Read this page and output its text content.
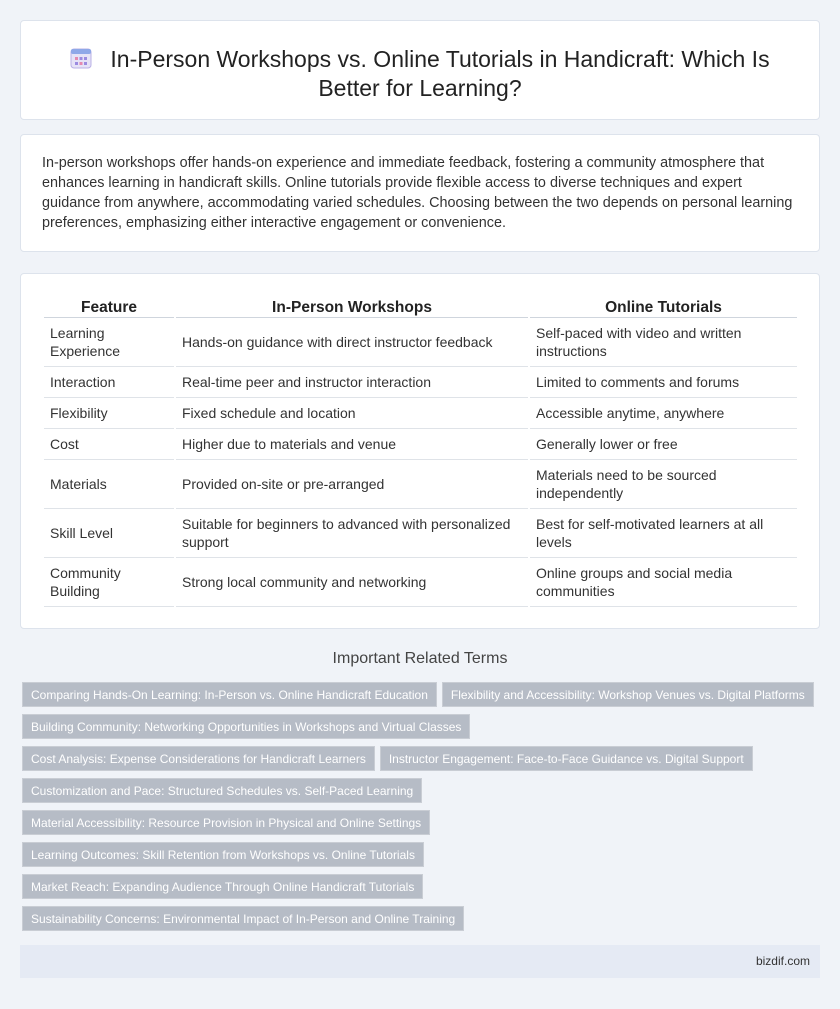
In-Person Workshops vs. Online Tutorials in Handicraft: Which Is Better for Learning?

In-person workshops offer hands-on experience and immediate feedback, fostering a community atmosphere that enhances learning in handicraft skills. Online tutorials provide flexible access to diverse techniques and expert guidance from anywhere, accommodating varied schedules. Choosing between the two depends on personal learning preferences, emphasizing either interactive engagement or convenience.

Feature	In-Person Workshops	Online Tutorials
Learning Experience	Hands-on guidance with direct instructor feedback	Self-paced with video and written instructions
Interaction	Real-time peer and instructor interaction	Limited to comments and forums
Flexibility	Fixed schedule and location	Accessible anytime, anywhere
Cost	Higher due to materials and venue	Generally lower or free
Materials	Provided on-site or pre-arranged	Materials need to be sourced independently
Skill Level	Suitable for beginners to advanced with personalized support	Best for self-motivated learners at all levels
Community Building	Strong local community and networking	Online groups and social media communities
Important Related Terms
Comparing Hands-On Learning: In-Person vs. Online Handicraft Education Flexibility and Accessibility: Workshop Venues vs. Digital Platforms
Building Community: Networking Opportunities in Workshops and Virtual Classes
Cost Analysis: Expense Considerations for Handicraft Learners Instructor Engagement: Face-to-Face Guidance vs. Digital Support
Customization and Pace: Structured Schedules vs. Self-Paced Learning
Material Accessibility: Resource Provision in Physical and Online Settings
Learning Outcomes: Skill Retention from Workshops vs. Online Tutorials
Market Reach: Expanding Audience Through Online Handicraft Tutorials
Sustainability Concerns: Environmental Impact of In-Person and Online Training
bizdif.com
